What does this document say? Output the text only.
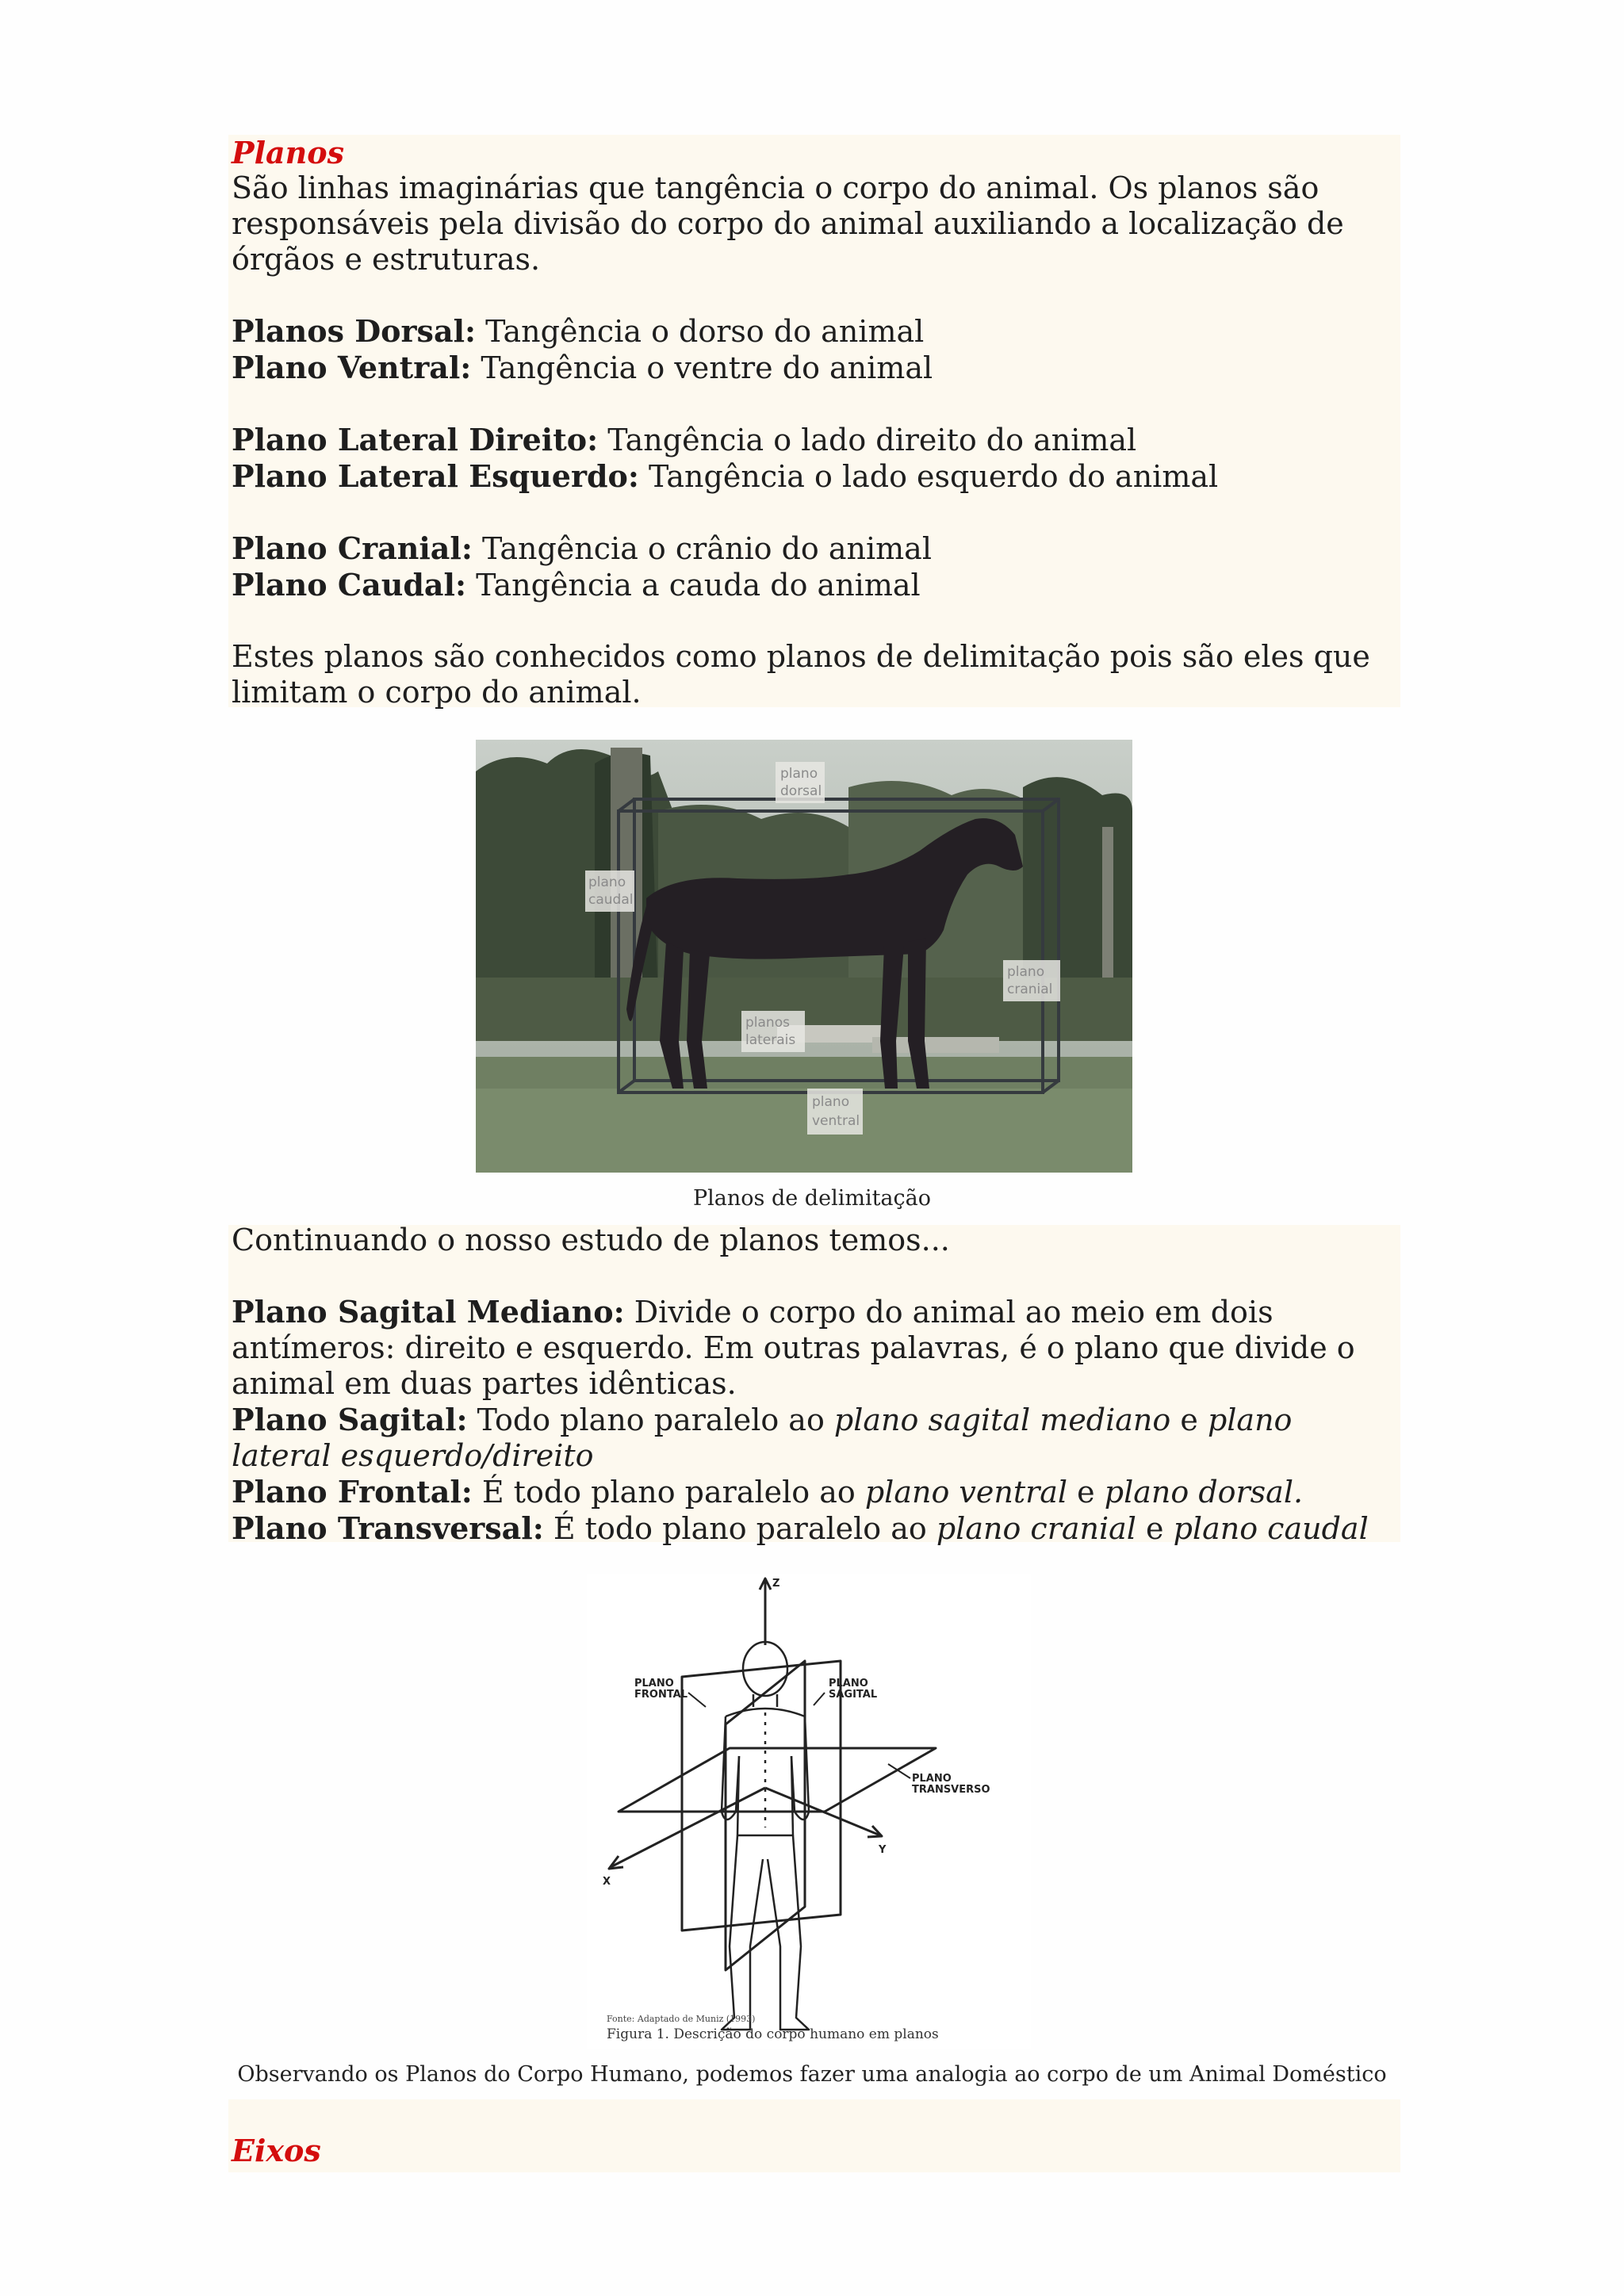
Planos
São linhas imaginárias que tangência o corpo do animal. Os planos são responsáveis pela divisão do corpo do animal auxiliando a localização de órgãos e estruturas.
Planos Dorsal: Tangência o dorso do animal
Plano Ventral: Tangência o ventre do animal
Plano Lateral Direito: Tangência o lado direito do animal
Plano Lateral Esquerdo: Tangência o lado esquerdo do animal
Plano Cranial: Tangência o crânio do animal
Plano Caudal: Tangência a cauda do animal
Estes planos são conhecidos como planos de delimitação pois são eles que limitam o corpo do animal.
plano
dorsal
plano
caudal
plano
cranial
planos
laterais
plano
ventral
Planos de delimitação
Continuando o nosso estudo de planos temos...
Plano Sagital Mediano: Divide o corpo do animal ao meio em dois antímeros: direito e esquerdo. Em outras palavras, é o plano que divide o animal em duas partes idênticas.
Plano Sagital: Todo plano paralelo ao plano sagital mediano e plano lateral esquerdo/direito
Plano Frontal: É todo plano paralelo ao plano ventral e plano dorsal.
Plano Transversal: É todo plano paralelo ao plano cranial e plano caudal
Z
X
Y
PLANO
FRONTAL
PLANO
SAGITAL
PLANO
TRANSVERSO
Fonte: Adaptado de Muniz (1993)
Figura 1. Descrição do corpo humano em planos
Observando os Planos do Corpo Humano, podemos fazer uma analogia ao corpo de um Animal Doméstico
Eixos
